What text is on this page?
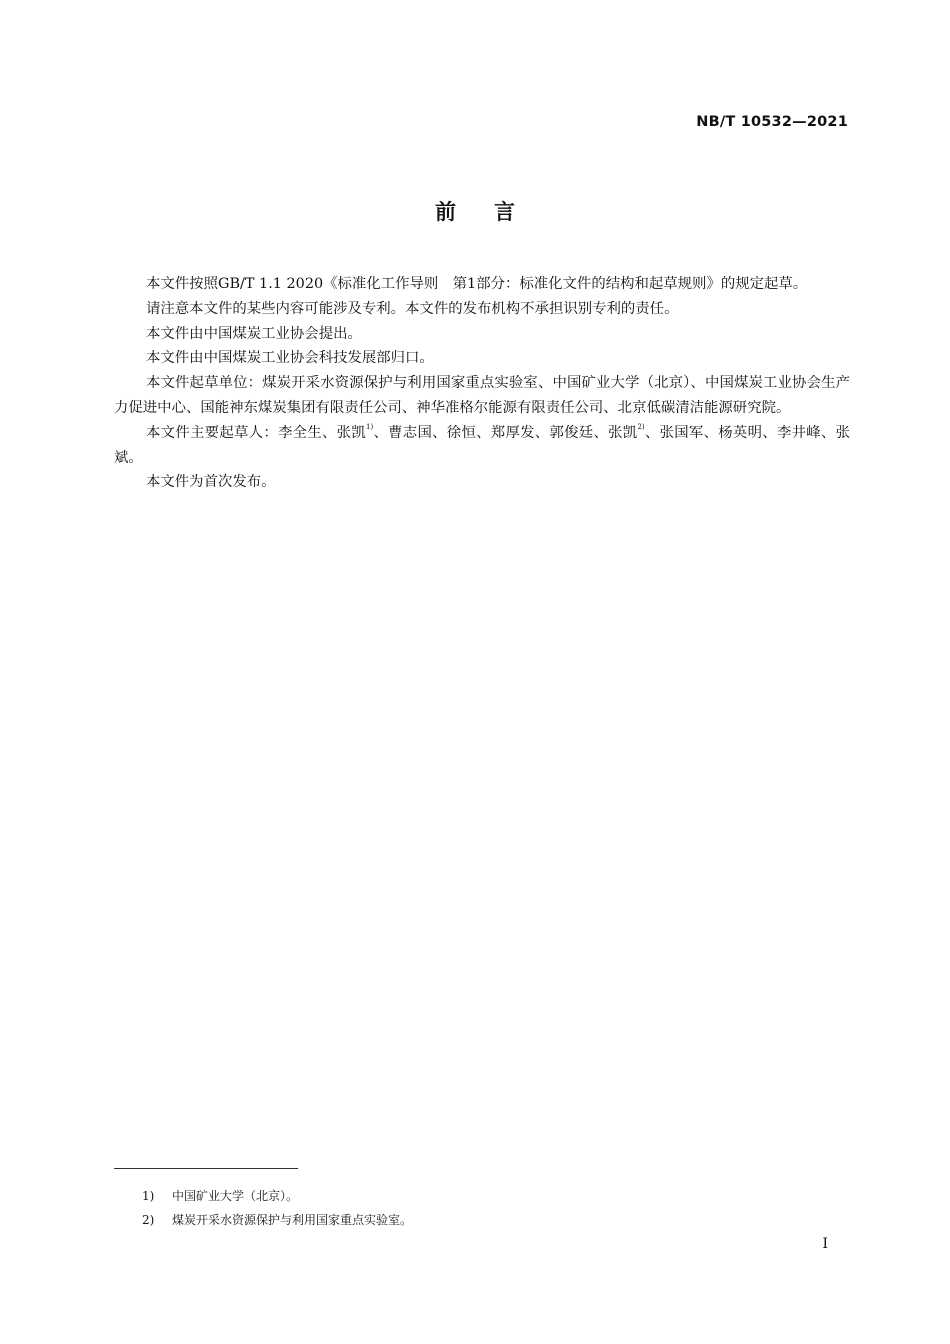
NB/T 10532—2021
前言

本文件按照GB/T 1.1 2020《标准化工作导则　第1部分：标准化文件的结构和起草规则》的规定起草。

请注意本文件的某些内容可能涉及专利。本文件的发布机构不承担识别专利的责任。

本文件由中国煤炭工业协会提出。

本文件由中国煤炭工业协会科技发展部归口。

本文件起草单位：煤炭开采水资源保护与利用国家重点实验室、中国矿业大学（北京）、中国煤炭工业协会生产力促进中心、国能神东煤炭集团有限责任公司、神华准格尔能源有限责任公司、北京低碳清洁能源研究院。

本文件主要起草人：李全生、张凯$^{1)}$、曹志国、徐恒、郑厚发、郭俊廷、张凯$^{2)}$、张国军、杨英明、李井峰、张斌。

本文件为首次发布。

1)	中国矿业大学（北京）。
2)	煤炭开采水资源保护与利用国家重点实验室。
I
